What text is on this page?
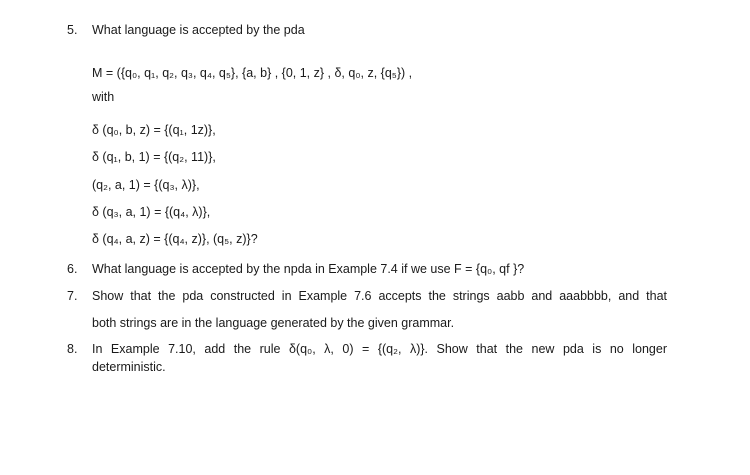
5. What language is accepted by the pda
M = ({q₀, q₁, q₂, q₃, q₄, q₅}, {a, b} , {0, 1, z} , δ, q₀, z, {q₅}) ,
with
δ (q₀, b, z) = {(q₁, 1z)},
δ (q₁, b, 1) = {(q₂, 11)},
(q₂, a, 1) = {(q₃, λ)},
δ (q₃, a, 1) = {(q₄, λ)},
δ (q₄, a, z) = {(q₄, z)}, (q₅, z)}?
6. What language is accepted by the npda in Example 7.4 if we use F = {q₀, qf }?
7. Show that the pda constructed in Example 7.6 accepts the strings aabb and aaabbbb, and that
both strings are in the language generated by the given grammar.
8. In Example 7.10, add the rule δ(q₀, λ, 0) = {(q₂, λ)}. Show that the new pda is no longer
deterministic.
